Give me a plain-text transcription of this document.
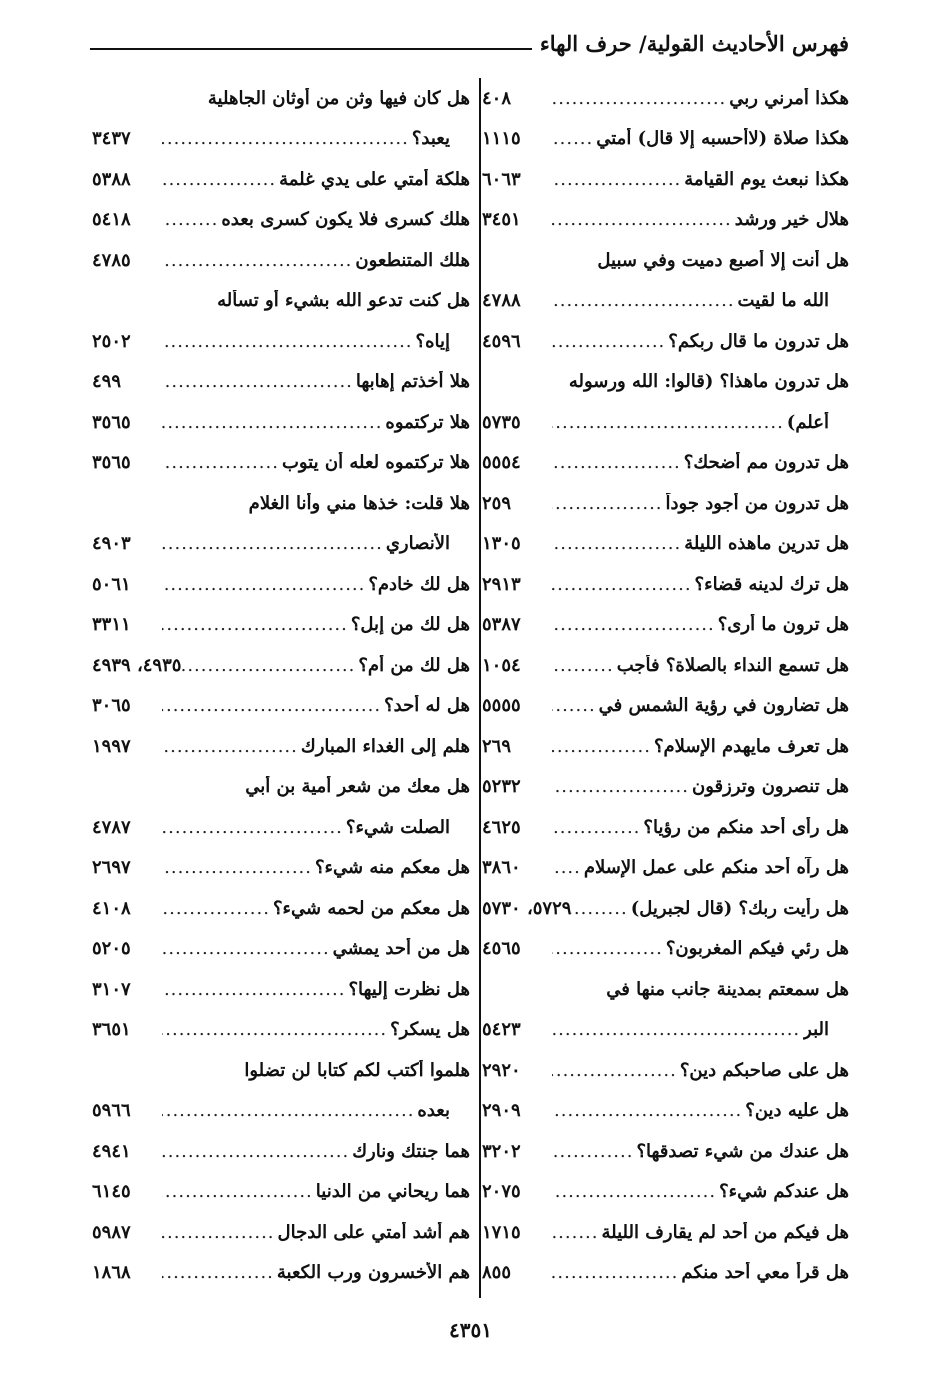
فهرس الأحاديث القولية/ حرف الهاء
هكذا أمرني ربي
.....
٤٠٨
هكذا صلاة (لاأحسبه إلا قال) أمتي
.....
١١١٥
هكذا نبعث يوم القيامة
.....
٦٠٦٣
هلال خير ورشد
.....
٣٤٥١
هل أنت إلا أصبع دميت وفي سبيل
الله ما لقيت
.....
٤٧٨٨
هل تدرون ما قال ربكم؟
.....
٤٥٩٦
هل تدرون ماهذا؟ (قالوا: الله ورسوله
أعلم)
.....
٥٧٣٥
هل تدرون مم أضحك؟
.....
٥٥٥٤
هل تدرون من أجود جوداً
.....
٢٥٩
هل تدرين ماهذه الليلة
.....
١٣٠٥
هل ترك لدينه قضاء؟
.....
٢٩١٣
هل ترون ما أرى؟
.....
٥٣٨٧
هل تسمع النداء بالصلاة؟ فأجب
.....
١٠٥٤
هل تضارون في رؤية الشمس في
.....
٥٥٥٥
هل تعرف مايهدم الإسلام؟
.....
٢٦٩
هل تنصرون وترزقون
.....
٥٢٣٢
هل رأى أحد منكم من رؤيا؟
.....
٤٦٢٥
هل رآه أحد منكم على عمل الإسلام
.....
٣٨٦٠
هل رأيت ربك؟ (قال لجبريل)
.....
٥٧٢٩، ٥٧٣٠
هل رئي فيكم المغربون؟
.....
٤٥٦٥
هل سمعتم بمدينة جانب منها في
البر
.....
٥٤٢٣
هل على صاحبكم دين؟
.....
٢٩٢٠
هل عليه دين؟
.....
٢٩٠٩
هل عندك من شيء تصدقها؟
.....
٣٢٠٢
هل عندكم شيء؟
.....
٢٠٧٥
هل فيكم من أحد لم يقارف الليلة
.....
١٧١٥
هل قرأ معي أحد منكم
.....
٨٥٥
هل كان فيها وثن من أوثان الجاهلية
يعبد؟
.....
٣٤٣٧
هلكة أمتي على يدي غلمة
.....
٥٣٨٨
هلك كسرى فلا يكون كسرى بعده
.....
٥٤١٨
هلك المتنطعون
.....
٤٧٨٥
هل كنت تدعو الله بشيء أو تسأله
إياه؟
.....
٢٥٠٢
هلا أخذتم إهابها
.....
٤٩٩
هلا تركتموه
.....
٣٥٦٥
هلا تركتموه لعله أن يتوب
.....
٣٥٦٥
هلا قلت: خذها مني وأنا الغلام
الأنصاري
.....
٤٩٠٣
هل لك خادم؟
.....
٥٠٦١
هل لك من إبل؟
.....
٣٣١١
هل لك من أم؟
.....
٤٩٣٥، ٤٩٣٩
هل له أحد؟
.....
٣٠٦٥
هلم إلى الغداء المبارك
.....
١٩٩٧
هل معك من شعر أمية بن أبي
الصلت شيء؟
.....
٤٧٨٧
هل معكم منه شيء؟
.....
٢٦٩٧
هل معكم من لحمه شيء؟
.....
٤١٠٨
هل من أحد يمشي
.....
٥٢٠٥
هل نظرت إليها؟
.....
٣١٠٧
هل يسكر؟
.....
٣٦٥١
هلموا أكتب لكم كتابا لن تضلوا
بعده
.....
٥٩٦٦
هما جنتك ونارك
.....
٤٩٤١
هما ريحاني من الدنيا
.....
٦١٤٥
هم أشد أمتي على الدجال
.....
٥٩٨٧
هم الأخسرون ورب الكعبة
.....
١٨٦٨
٤٣٥١
